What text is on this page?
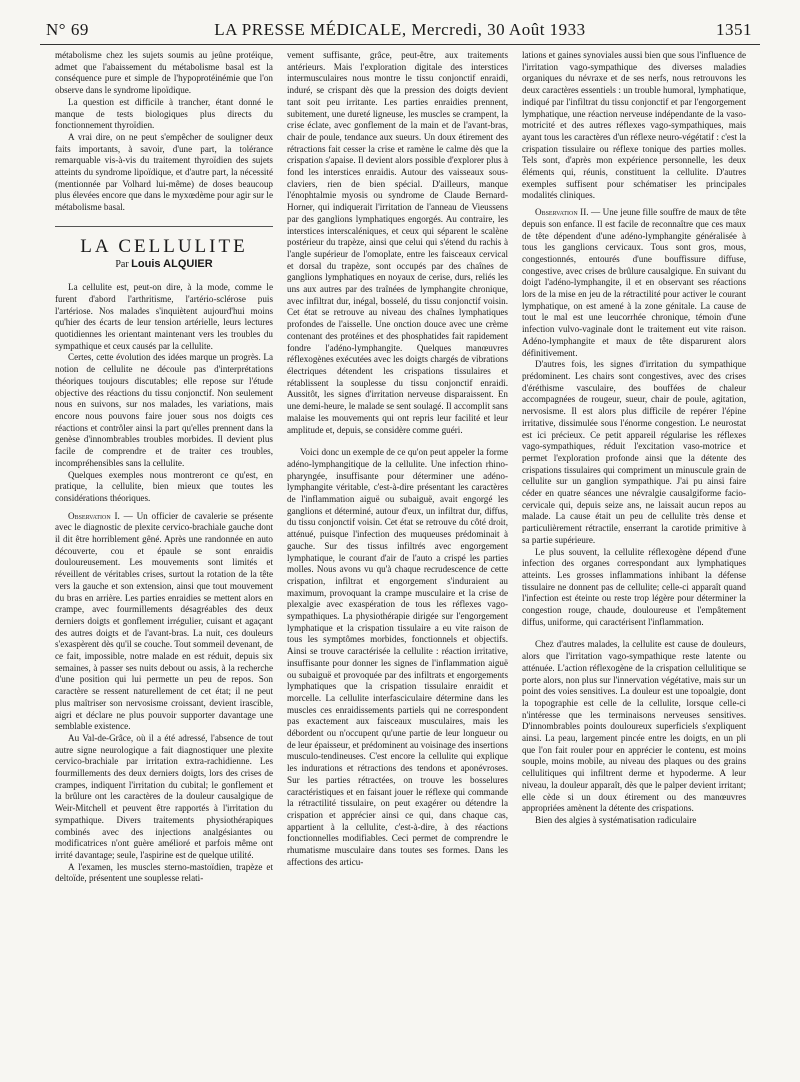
N° 69	LA PRESSE MÉDICALE, Mercredi, 30 Août 1933	1351

métabolisme chez les sujets soumis au jeûne protéique, admet que l'abaissement du métabolisme basal est la conséquence pure et simple de l'hypoprotéinémie que l'on observe dans le syndrome lipoïdique.

La question est difficile à trancher, étant donné le manque de tests biologiques plus directs du fonctionnement thyroïdien.

A vrai dire, on ne peut s'empêcher de souligner deux faits importants, à savoir, d'une part, la tolérance remarquable vis-à-vis du traitement thyroïdien des sujets atteints du syndrome lipoïdique, et d'autre part, la nécessité (mentionnée par Volhard lui-même) de doses beaucoup plus élevées encore que dans le myxœdème pour agir sur le métabolisme basal.

LA CELLULITE
Par Louis ALQUIER

La cellulite est, peut-on dire, à la mode, comme le furent d'abord l'arthritisme, l'artério-sclérose puis l'artériose. Nos malades s'inquiètent aujourd'hui moins qu'hier des écarts de leur tension artérielle, leurs lectures quotidiennes les orientant maintenant vers les troubles du sympathique et ceux causés par la cellulite.

Certes, cette évolution des idées marque un progrès. La notion de cellulite ne découle pas d'interprétations théoriques toujours discutables; elle repose sur l'étude objective des réactions du tissu conjonctif. Non seulement nous en suivons, sur nos malades, les variations, mais encore nous pouvons faire jouer sous nos doigts ces réactions et contrôler ainsi la part qu'elles prennent dans la genèse d'innombrables troubles morbides. Il devient plus facile de comprendre et de traiter ces troubles, incompréhensibles sans la cellulite.

Quelques exemples nous montreront ce qu'est, en pratique, la cellulite, bien mieux que toutes les considérations théoriques.

Observation I. — Un officier de cavalerie se présente avec le diagnostic de plexite cervico-brachiale gauche dont il dit être horriblement gêné. Après une randonnée en auto découverte, cou et épaule se sont enraidis douloureusement. Les mouvements sont limités et réveillent de véritables crises, surtout la rotation de la tête vers la gauche et son extension, ainsi que tout mouvement du bras en arrière. Les parties enraidies se mettent alors en crampe, avec fourmillements désagréables des deux derniers doigts et gonflement irrégulier, cuisant et agaçant des autres doigts et de l'avant-bras. La nuit, ces douleurs s'exaspèrent dès qu'il se couche. Tout sommeil devenant, de ce fait, impossible, notre malade en est réduit, depuis six semaines, à passer ses nuits debout ou assis, à la recherche d'une position qui lui permette un peu de repos. Son caractère se ressent naturellement de cet état; il ne peut plus maîtriser son nervosisme croissant, devient irascible, aigri et déclare ne plus pouvoir supporter davantage une semblable existence.

Au Val-de-Grâce, où il a été adressé, l'absence de tout autre signe neurologique a fait diagnostiquer une plexite cervico-brachiale par irritation extra-rachidienne. Les fourmillements des deux derniers doigts, lors des crises de crampes, indiquent l'irritation du cubital; le gonflement et la brûlure ont les caractères de la douleur causalgique de Weir-Mitchell et peuvent être rapportés à l'irritation du sympathique. Divers traitements physiothérapiques combinés avec des injections analgésiantes ou modificatrices n'ont guère amélioré et parfois même ont irrité davantage; seule, l'aspirine est de quelque utilité.

A l'examen, les muscles sterno-mastoïdien, trapèze et deltoïde, présentent une souplesse relati-

vement suffisante, grâce, peut-être, aux traitements antérieurs. Mais l'exploration digitale des interstices intermusculaires nous montre le tissu conjonctif enraidi, induré, se crispant dès que la pression des doigts devient tant soit peu irritante. Les parties enraidies prennent, subitement, une dureté ligneuse, les muscles se crampent, la crise éclate, avec gonflement de la main et de l'avant-bras, chair de poule, tendance aux sueurs. Un doux étirement des rétractions fait cesser la crise et ramène le calme dès que la crispation s'apaise. Il devient alors possible d'explorer plus à fond les interstices enraidis. Autour des vaisseaux sous-claviers, rien de bien spécial. D'ailleurs, manque l'énophtalmie myosis ou syndrome de Claude Bernard-Horner, qui indiquerait l'irritation de l'anneau de Vieussens par des ganglions lymphatiques engorgés. Au contraire, les interstices interscaléniques, et ceux qui séparent le scalène postérieur du trapèze, ainsi que celui qui s'étend du rachis à l'angle supérieur de l'omoplate, entre les faisceaux cervical et dorsal du trapèze, sont occupés par des chaînes de ganglions lymphatiques en noyaux de cerise, durs, reliés les uns aux autres par des traînées de lymphangite chronique, avec infiltrat dur, inégal, bosselé, du tissu conjonctif voisin. Cet état se retrouve au niveau des chaînes lymphatiques profondes de l'aisselle. Une onction douce avec une crème contenant des protéines et des phosphatides fait rapidement fondre l'adéno-lymphangite. Quelques manœuvres réflexogènes exécutées avec les doigts chargés de vibrations électriques détendent les crispations tissulaires et rétablissent la souplesse du tissu conjonctif enraidi. Aussitôt, les signes d'irritation nerveuse disparaissent. En une demi-heure, le malade se sent soulagé. Il accomplit sans malaise les mouvements qui ont repris leur facilité et leur amplitude et, depuis, se considère comme guéri.

Voici donc un exemple de ce qu'on peut appeler la forme adéno-lymphangitique de la cellulite. Une infection rhino-pharyngée, insuffisante pour déterminer une adéno-lymphangite véritable, c'est-à-dire présentant les caractères de l'inflammation aiguë ou subaiguë, avait engorgé les ganglions et déterminé, autour d'eux, un infiltrat dur, diffus, du tissu conjonctif voisin. Cet état se retrouve du côté droit, atténué, puisque l'infection des muqueuses prédominait à gauche. Sur des tissus infiltrés avec engorgement lymphatique, le courant d'air de l'auto a crispé les parties molles. Nous avons vu qu'à chaque recrudescence de cette crispation, infiltrat et engorgement s'induraient au maximum, provoquant la crampe musculaire et la crise de plexalgie avec exaspération de tous les réflexes vago-sympathiques. La physiothérapie dirigée sur l'engorgement lymphatique et la crispation tissulaire a eu vite raison de tous les symptômes morbides, fonctionnels et objectifs. Ainsi se trouve caractérisée la cellulite : réaction irritative, insuffisante pour donner les signes de l'inflammation aiguë ou subaiguë et provoquée par des infiltrats et engorgements lymphatiques que la crispation tissulaire enraidit et morcelle. La cellulite interfasciculaire détermine dans les muscles ces enraidissements partiels qui ne correspondent pas exactement aux faisceaux musculaires, mais les débordent ou n'occupent qu'une partie de leur longueur ou de leur épaisseur, et prédominent au voisinage des insertions musculo-tendineuses. C'est encore la cellulite qui explique les indurations et rétractions des tendons et aponévroses. Sur les parties rétractées, on trouve les bosselures caractéristiques et en faisant jouer le réflexe qui commande la rétractilité tissulaire, on peut exagérer ou détendre la crispation et apprécier ainsi ce qui, dans chaque cas, appartient à la cellulite, c'est-à-dire, à des réactions fonctionnelles modifiables. Ceci permet de comprendre le rhumatisme musculaire dans toutes ses formes. Dans les affections des articu-

lations et gaines synoviales aussi bien que sous l'influence de l'irritation vago-sympathique des diverses maladies organiques du névraxe et de ses nerfs, nous retrouvons les deux caractères essentiels : un trouble humoral, lymphatique, indiqué par l'infiltrat du tissu conjonctif et par l'engorgement lymphatique, une réaction nerveuse indépendante de la vaso-motricité et des autres réflexes vago-sympathiques, mais ayant tous les caractères d'un réflexe neuro-végétatif : c'est la crispation tissulaire ou réflexe tonique des parties molles. Tels sont, d'après mon expérience personnelle, les deux éléments qui, réunis, constituent la cellulite. D'autres exemples suffisent pour schématiser les principales modalités cliniques.

Observation II. — Une jeune fille souffre de maux de tête depuis son enfance. Il est facile de reconnaître que ces maux de tête dépendent d'une adéno-lymphangite généralisée à tous les ganglions cervicaux. Tous sont gros, mous, congestionnés, entourés d'une bouffissure diffuse, congestive, avec crises de brûlure causalgique. En suivant du doigt l'adéno-lymphangite, il et en observant ses réactions lors de la mise en jeu de la rétractilité pour activer le courant lymphatique, on est amené à la zone génitale. La cause de tout le mal est une leucorrhée chronique, témoin d'une infection vulvo-vaginale dont le traitement eut vite raison. Adéno-lymphangite et maux de tête disparurent alors définitivement.

D'autres fois, les signes d'irritation du sympathique prédominent. Les chairs sont congestives, avec des crises d'éréthisme vasculaire, des bouffées de chaleur accompagnées de rougeur, sueur, chair de poule, agitation, nervosisme. Il est alors plus difficile de repérer l'épine irritative, dissimulée sous l'énorme congestion. Le neurostat est ici précieux. Ce petit appareil régularise les réflexes vago-sympathiques, réduit l'excitation vaso-motrice et permet l'exploration profonde ainsi que la détente des crispations tissulaires qui compriment un minuscule grain de cellulite sur un ganglion sympathique. J'ai pu ainsi faire céder en quatre séances une névralgie causalgiforme facio-cervicale qui, depuis seize ans, ne laissait aucun repos au malade. La cause était un peu de cellulite très dense et particulièrement rétractile, enserrant la carotide primitive à sa partie supérieure.

Le plus souvent, la cellulite réflexogène dépend d'une infection des organes correspondant aux lymphatiques atteints. Les grosses inflammations inhibant la défense tissulaire ne donnent pas de cellulite; celle-ci apparaît quand l'infection est éteinte ou reste trop légère pour déterminer la congestion rouge, chaude, douloureuse et l'empâtement diffus, uniforme, qui caractérisent l'inflammation.

Chez d'autres malades, la cellulite est cause de douleurs, alors que l'irritation vago-sympathique reste latente ou atténuée. L'action réflexogène de la crispation cellulitique se porte alors, non plus sur l'innervation végétative, mais sur un point des voies sensitives. La douleur est une topoalgie, dont la topographie est celle de la cellulite, lorsque celle-ci n'intéresse que les terminaisons nerveuses sensitives. D'innombrables points douloureux superficiels s'expliquent ainsi. La peau, largement pincée entre les doigts, en un pli que l'on fait rouler pour en apprécier le contenu, est moins souple, moins mobile, au niveau des plaques ou des grains cellulitiques qui infiltrent derme et hypoderme. A leur niveau, la douleur apparaît, dès que le palper devient irritant; elle cède si un doux étirement ou des manœuvres appropriées amènent la détente des crispations.

Bien des algies à systématisation radiculaire
